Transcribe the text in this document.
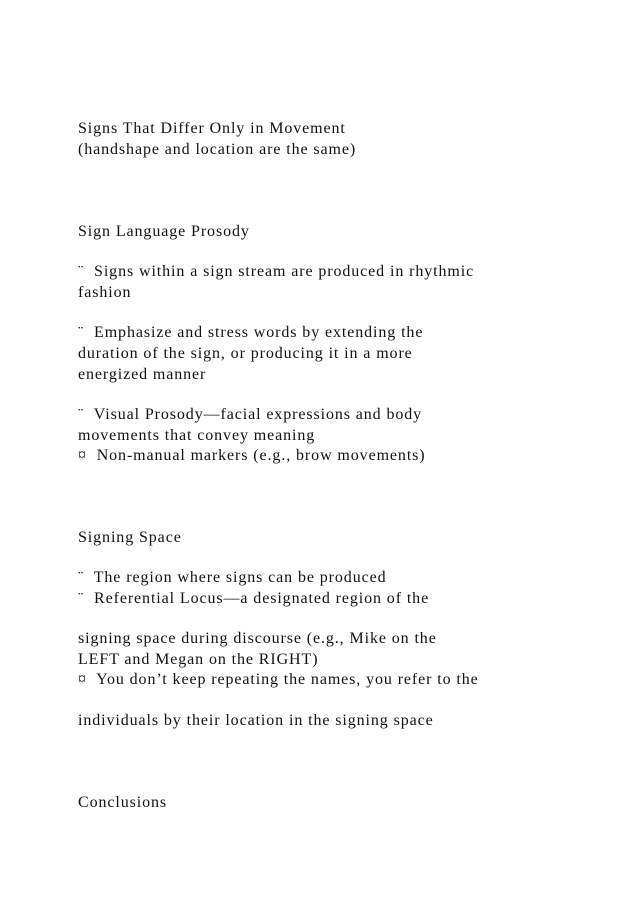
Signs That Differ Only in Movement
(handshape and location are the same)
Sign Language Prosody
¨  Signs within a sign stream are produced in rhythmic
fashion
¨  Emphasize and stress words by extending the
duration of the sign, or producing it in a more
energized manner
¨  Visual Prosody—facial expressions and body
movements that convey meaning
¤  Non-manual markers (e.g., brow movements)
Signing Space
¨  The region where signs can be produced
¨  Referential Locus—a designated region of the
signing space during discourse (e.g., Mike on the
LEFT and Megan on the RIGHT)
¤  You don’t keep repeating the names, you refer to the
individuals by their location in the signing space
Conclusions
